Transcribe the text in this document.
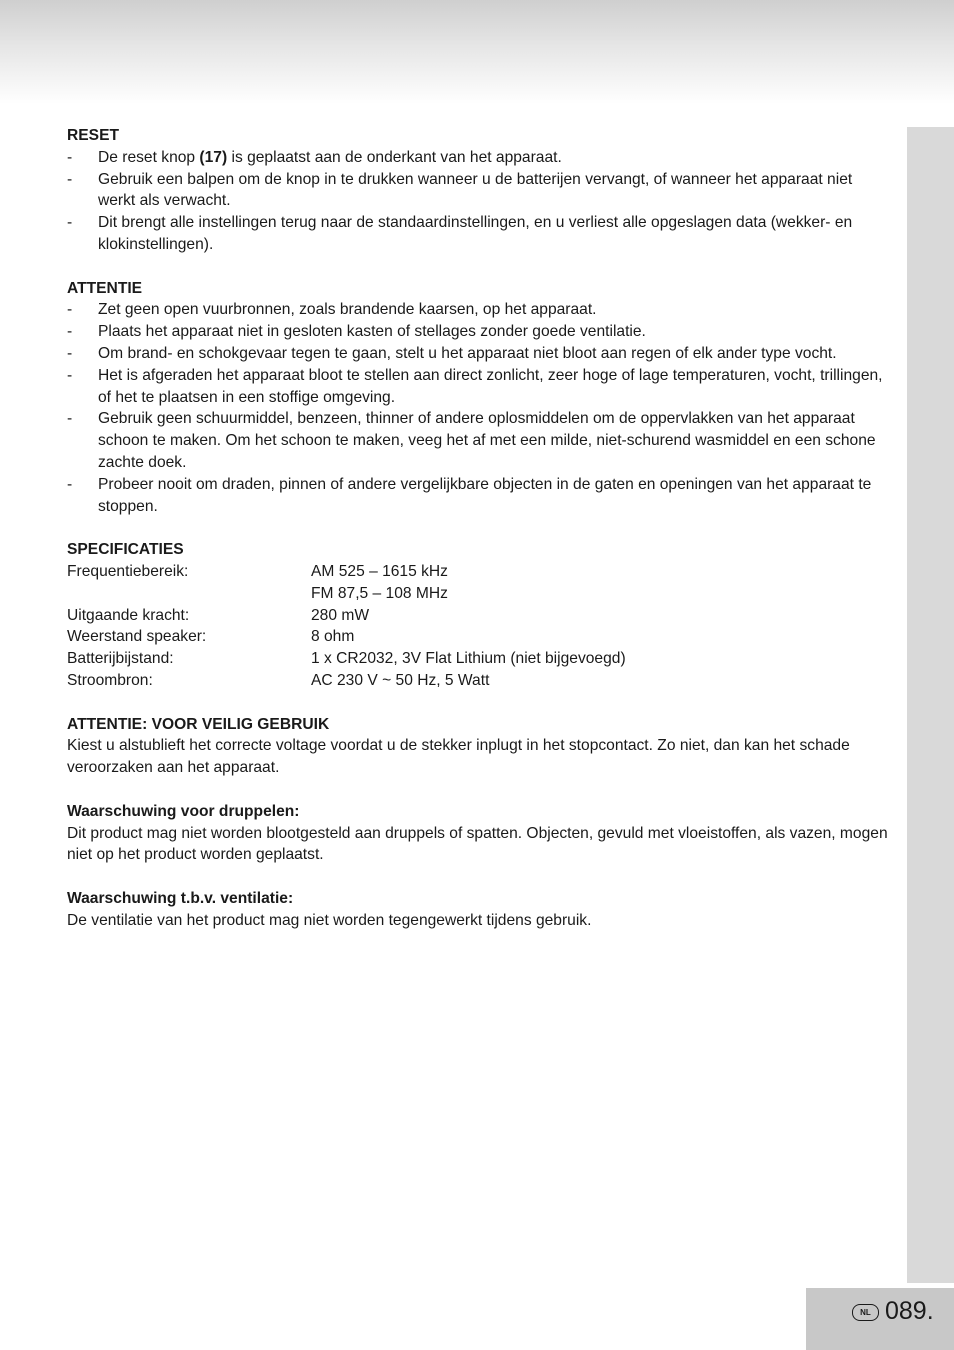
RESET
- De reset knop (17) is geplaatst aan de onderkant van het apparaat.
- Gebruik een balpen om de knop in te drukken wanneer u de batterijen vervangt, of wanneer het apparaat niet werkt als verwacht.
- Dit brengt alle instellingen terug naar de standaardinstellingen, en u verliest alle opgeslagen data (wekker- en klokinstellingen).
ATTENTIE
- Zet geen open vuurbronnen, zoals brandende kaarsen, op het apparaat.
- Plaats het apparaat niet in gesloten kasten of stellages zonder goede ventilatie.
- Om brand- en schokgevaar tegen te gaan, stelt u het apparaat niet bloot aan regen of elk ander type vocht.
- Het is afgeraden het apparaat bloot te stellen aan direct zonlicht, zeer hoge of lage temperaturen, vocht, trillingen, of het te plaatsen in een stoffige omgeving.
- Gebruik geen schuurmiddel, benzeen, thinner of andere oplosmiddelen om de oppervlakken van het apparaat schoon te maken. Om het schoon te maken, veeg het af met een milde, niet-schurend wasmiddel en een schone zachte doek.
- Probeer nooit om draden, pinnen of andere vergelijkbare objecten in de gaten en openingen van het apparaat te stoppen.
SPECIFICATIES
Frequentiebereik:	AM 525 – 1615 kHz
FM 87,5 – 108 MHz
Uitgaande kracht:	280 mW
Weerstand speaker:	8 ohm
Batterijbijstand:	1 x CR2032, 3V Flat Lithium (niet bijgevoegd)
Stroombron:	AC 230 V ~ 50 Hz, 5 Watt
ATTENTIE: VOOR VEILIG GEBRUIK
Kiest u alstublieft het correcte voltage voordat u de stekker inplugt in het stopcontact. Zo niet, dan kan het schade veroorzaken aan het apparaat.
Waarschuwing voor druppelen:
Dit product mag niet worden blootgesteld aan druppels of spatten. Objecten, gevuld met vloeistoffen, als vazen, mogen niet op het product worden geplaatst.
Waarschuwing t.b.v. ventilatie:
De ventilatie van het product mag niet worden tegengewerkt tijdens gebruik.
NL 089.
